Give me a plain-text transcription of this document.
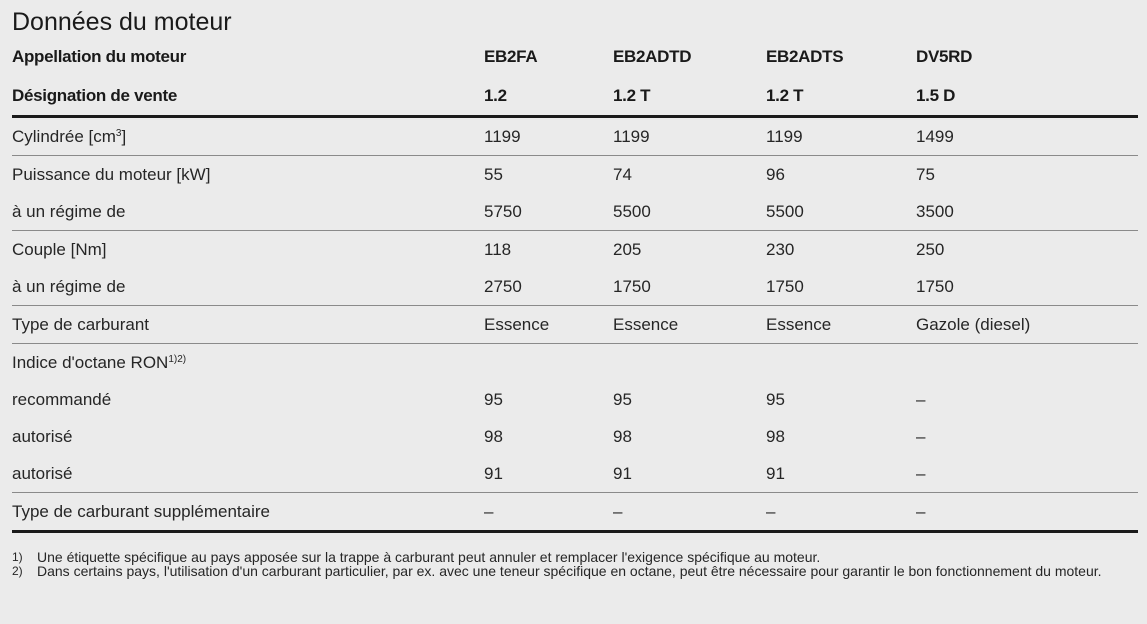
Données du moteur
Appellation du moteur	EB2FA	EB2ADTD	EB2ADTS	DV5RD
Désignation de vente	1.2	1.2 T	1.2 T	1.5 D
Cylindrée $[cm^3]$	1199	1199	1199	1499
Puissance du moteur [kW]	55	74	96	75
à un régime de	5750	5500	5500	3500
Couple [Nm]	118	205	230	250
à un régime de	2750	1750	1750	1750
Type de carburant	Essence	Essence	Essence	Gazole (diesel)
Indice d'octane $RON^{1)2)}$				
recommandé	95	95	95	–
autorisé	98	98	98	–
autorisé	91	91	91	–
Type de carburant supplémentaire	–	–	–	–
1)	Une étiquette spécifique au pays apposée sur la trappe à carburant peut annuler et remplacer l'exigence spécifique au moteur.
2)	Dans certains pays, l'utilisation d'un carburant particulier, par ex. avec une teneur spécifique en octane, peut être nécessaire pour garantir le bon fonctionnement du moteur.
